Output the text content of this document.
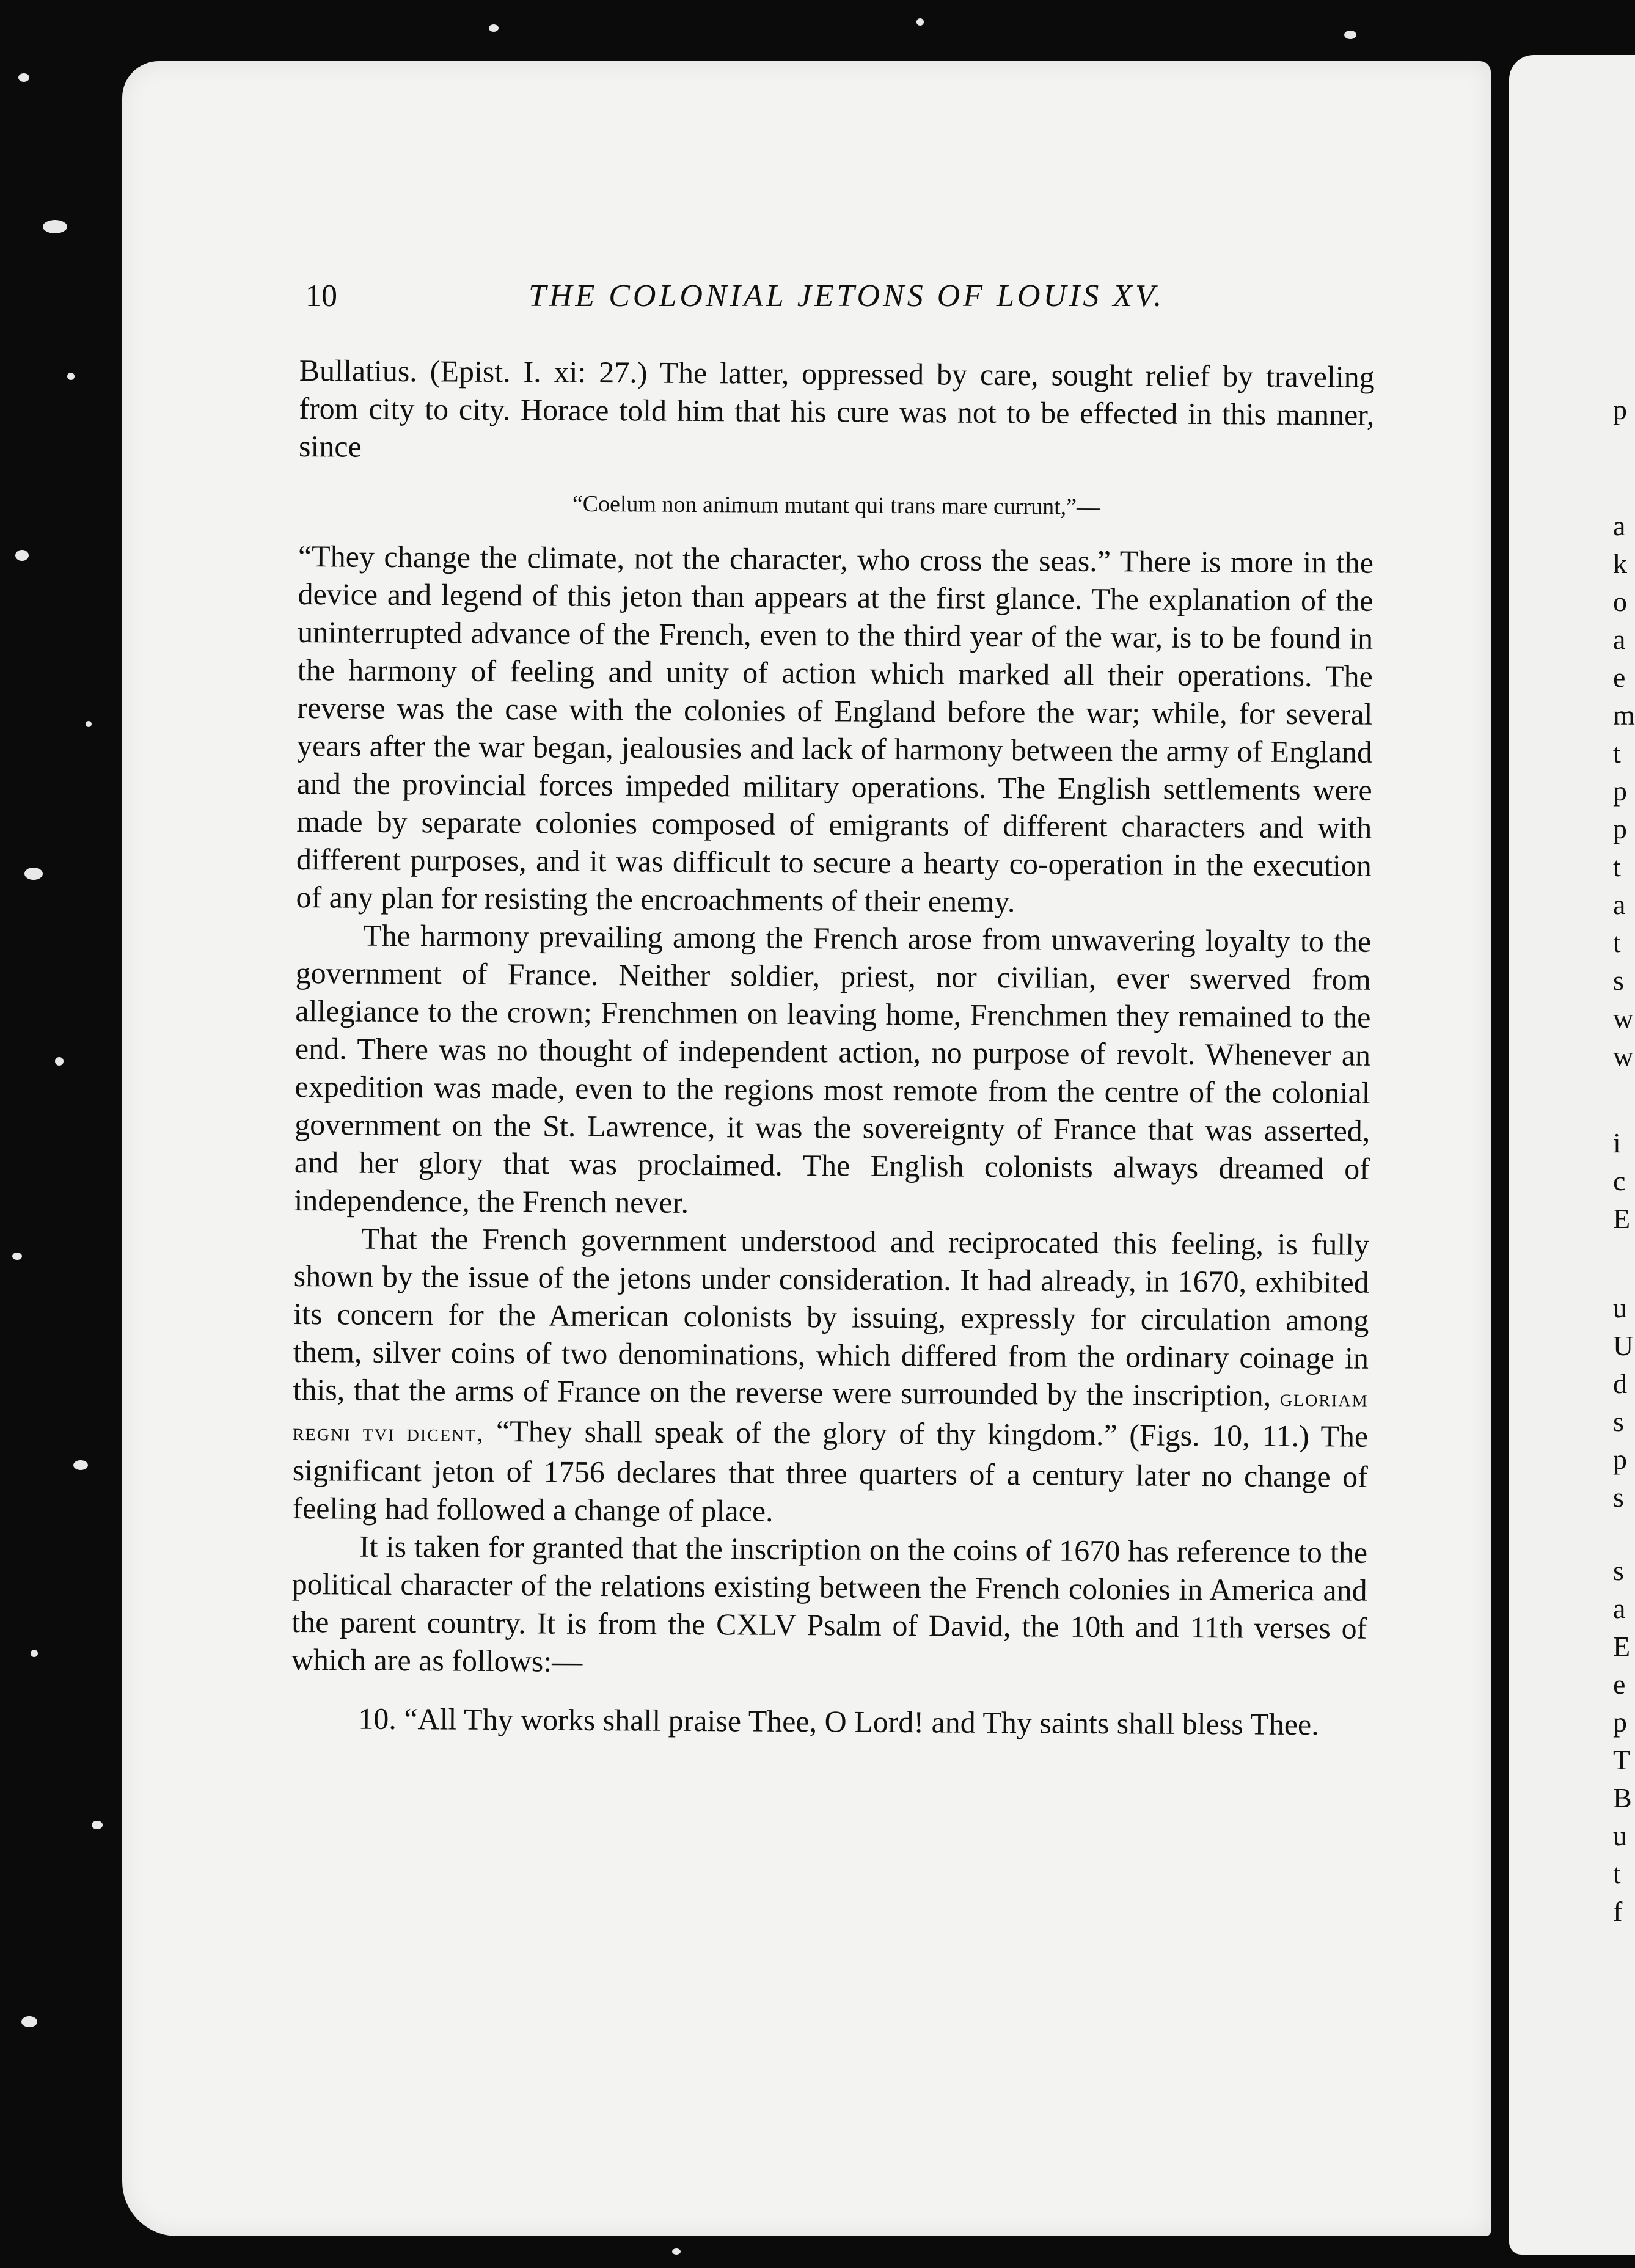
10	THE COLONIAL JETONS OF LOUIS XV.

Bullatius. (Epist. I. xi: 27.) The latter, oppressed by care, sought relief by traveling from city to city. Horace told him that his cure was not to be effected in this manner, since

“Coelum non animum mutant qui trans mare currunt,”—

“They change the climate, not the character, who cross the seas.” There is more in the device and legend of this jeton than appears at the first glance. The explanation of the uninterrupted advance of the French, even to the third year of the war, is to be found in the harmony of feeling and unity of action which marked all their operations. The reverse was the case with the colonies of England before the war; while, for several years after the war began, jealousies and lack of harmony between the army of England and the provincial forces impeded military operations. The English settlements were made by separate colonies composed of emigrants of different characters and with different purposes, and it was difficult to secure a hearty co-operation in the execution of any plan for resisting the encroachments of their enemy.

The harmony prevailing among the French arose from unwavering loyalty to the government of France. Neither soldier, priest, nor civilian, ever swerved from allegiance to the crown; Frenchmen on leaving home, Frenchmen they remained to the end. There was no thought of independent action, no purpose of revolt. Whenever an expedition was made, even to the regions most remote from the centre of the colonial government on the St. Lawrence, it was the sovereignty of France that was asserted, and her glory that was proclaimed. The English colonists always dreamed of independence, the French never.

That the French government understood and reciprocated this feeling, is fully shown by the issue of the jetons under consideration. It had already, in 1670, exhibited its concern for the American colonists by issuing, expressly for circulation among them, silver coins of two denominations, which differed from the ordinary coinage in this, that the arms of France on the reverse were surrounded by the inscription, gloriam regni tvi dicent, “They shall speak of the glory of thy kingdom.” (Figs. 10, 11.) The significant jeton of 1756 declares that three quarters of a century later no change of feeling had followed a change of place.

It is taken for granted that the inscription on the coins of 1670 has reference to the political character of the relations existing between the French colonies in America and the parent country. It is from the CXLV Psalm of David, the 10th and 11th verses of which are as follows:—

10. “All Thy works shall praise Thee, O Lord! and Thy saints shall bless Thee.

p
a
k
o
a
e
m
t
p
p
t
a
t
s
w
w
i
c
E
u
U
d
s
p
s
s
a
E
e
p
T
B
u
t
f
